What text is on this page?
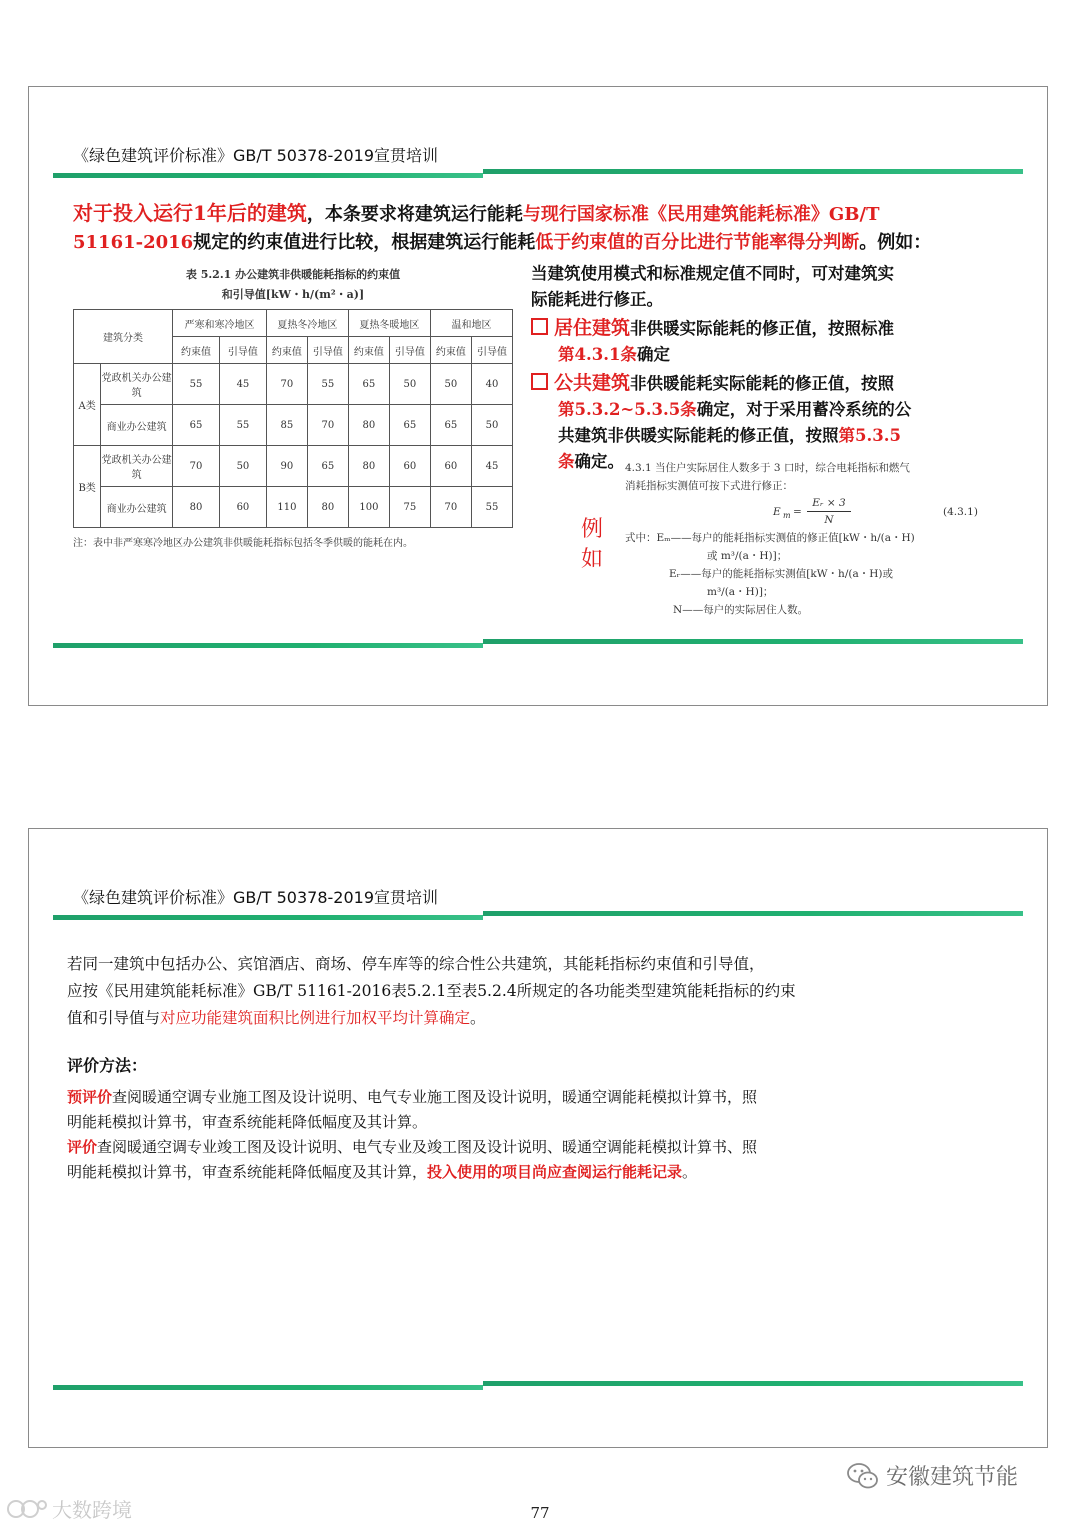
《绿色建筑评价标准》GB/T 50378-2019宣贯培训
对于投入运行1年后的建筑，本条要求将建筑运行能耗与现行国家标准《民用建筑能耗标准》GB/T
51161-2016规定的约束值进行比较，根据建筑运行能耗低于约束值的百分比进行节能率得分判断。例如：
表 5.2.1 办公建筑非供暖能耗指标的约束值
和引导值[kW・h/(m²・a)]
建筑分类		严寒和寒冷地区		夏热冬冷地区		夏热冬暖地区		温和地区	
		约束值	引导值	约束值	引导值	约束值	引导值	约束值	引导值
A类	党政机关办公建筑	55	45	70	55	65	50	50	40
	商业办公建筑	65	55	85	70	80	65	65	50
B类	党政机关办公建筑	70	50	90	65	80	60	60	45
	商业办公建筑	80	60	110	80	100	75	70	55
注：表中非严寒寒冷地区办公建筑非供暖能耗指标包括冬季供暖的能耗在内。
当建筑使用模式和标准规定值不同时，可对建筑实
际能耗进行修正。
居住建筑非供暖实际能耗的修正值，按照标准
第4.3.1条确定
公共建筑非供暖能耗实际能耗的修正值，按照
第5.3.2~5.3.5条确定，对于采用蓄冷系统的公
共建筑非供暖实际能耗的修正值，按照第5.3.5
条确定。
例如
4.3.1 当住户实际居住人数多于 3 口时，综合电耗指标和燃气
消耗指标实测值可按下式进行修正：
E m =
Eᵣ × 3
N
(4.3.1)
式中：Eₘ——每户的能耗指标实测值的修正值[kW・h/(a・H)
或 m³/(a・H)]；
Eᵣ——每户的能耗指标实测值[kW・h/(a・H)或
m³/(a・H)]；
N——每户的实际居住人数。
《绿色建筑评价标准》GB/T 50378-2019宣贯培训
若同一建筑中包括办公、宾馆酒店、商场、停车库等的综合性公共建筑，其能耗指标约束值和引导值，
应按《民用建筑能耗标准》GB/T 51161-2016表5.2.1至表5.2.4所规定的各功能类型建筑能耗指标的约束
值和引导值与对应功能建筑面积比例进行加权平均计算确定。
评价方法：
预评价查阅暖通空调专业施工图及设计说明、电气专业施工图及设计说明，暖通空调能耗模拟计算书，照
明能耗模拟计算书，审查系统能耗降低幅度及其计算。
评价查阅暖通空调专业竣工图及设计说明、电气专业及竣工图及设计说明、暖通空调能耗模拟计算书、照
明能耗模拟计算书，审查系统能耗降低幅度及其计算，投入使用的项目尚应查阅运行能耗记录。
大数跨境
安徽建筑节能
77
